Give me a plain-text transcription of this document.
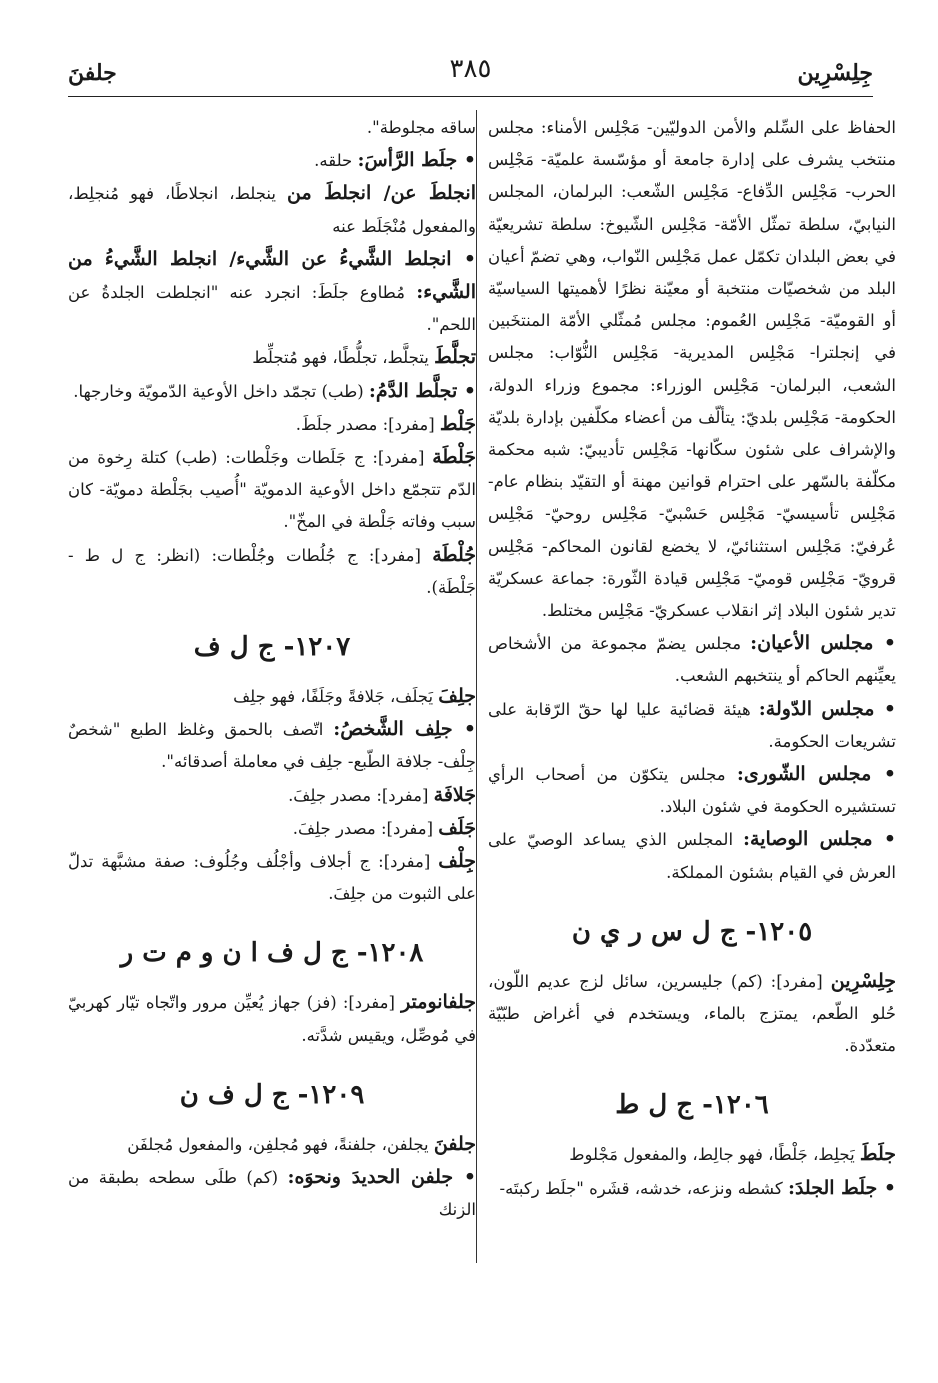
جِلِسْرِين
٣٨٥
جلفنَ

الحفاظ على السِّلم والأمن الدوليّين- مَجْلِس الأمناء: مجلس منتخب يشرف على إدارة جامعة أو مؤسّسة علميّة- مَجْلِس الحرب- مَجْلِس الدِّفاع- مَجْلِس الشّعب: البرلمان، المجلس النيابيّ، سلطة تمثّل الأمّة- مَجْلِس الشّيوخ: سلطة تشريعيّة في بعض البلدان تكمّل عمل مَجْلِس النّواب، وهي تضمّ أعيان البلد من شخصيّات منتخبة أو معيّنة نظرًا لأهميتها السياسيّة أو القوميّة- مَجْلِس العُموم: مجلس مُمثّلي الأمّة المنتخَبين في إنجلترا- مَجْلِس المديرية- مَجْلِس النُّوّاب: مجلس الشعب، البرلمان- مَجْلِس الوزراء: مجموع وزراء الدولة، الحكومة- مَجْلِس بلديّ: يتألّف من أعضاء مكلّفين بإدارة بلديّة والإشراف على شئون سكّانها- مَجْلِس تأديبيّ: شبه محكمة مكلّفة بالسّهر على احترام قوانين مهنة أو التقيّد بنظام عام- مَجْلِس تأسيسيّ- مَجْلِس حَسْبيّ- مَجْلِس روحيّ- مَجْلِس عُرفيّ: مَجْلِس استثنائيّ، لا يخضع لقانون المحاكم- مَجْلِس قرويّ- مَجْلِس قوميّ- مَجْلِس قيادة الثّورة: جماعة عسكريّة تدير شئون البلاد إثر انقلاب عسكريّ- مَجْلِس مختلط.

• مجلس الأعيان: مجلس يضمّ مجموعة من الأشخاص يعيِّنهم الحاكم أو ينتخبهم الشعب.

• مجلس الدّولة: هيئة قضائية عليا لها حقّ الرّقابة على تشريعات الحكومة.

• مجلس الشّورى: مجلس يتكوّن من أصحاب الرأي تستشيره الحكومة في شئون البلاد.

• مجلس الوصاية: المجلس الذي يساعد الوصيّ على العرش في القيام بشئون المملكة.

١٢٠٥- ج ل س ر ي ن

جِلِسْرِين [مفرد]: (كم) جليسرين، سائل لزج عديم اللّون، حُلو الطّعم، يمتزج بالماء، ويستخدم في أغراض طبّيّة متعدّدة.

١٢٠٦- ج ل ط

جلَطَ يَجلِط، جَلْطًا، فهو جالِط، والمفعول مَجْلوط

• جلَط الجلدَ: كشطه ونزعه، خدشه، قشَره "جلَط ركبتَه-

ساقه مجلوطة".

• جلَط الرَّأسَ: حلقه.

انجلطَ عن/ انجلطَ من ينجلط، انجلاطًا، فهو مُنجلِط، والمفعول مُنْجَلَط عنه

• انجلط الشَّيءُ عن الشَّيء/ انجلط الشَّيءُ من الشَّيء: مُطاوع جلَطَ: انجرد عنه "انجلطت الجلدةُ عن اللحم".

تجلَّطَ يتجلَّط، تجلُّطًا، فهو مُتجلِّط

• تجلَّط الدَّمُ: (طب) تجمّد داخل الأوعية الدّمويّة وخارجها.

جَلْط [مفرد]: مصدر جلَطَ.

جَلْطَة [مفرد]: ج جَلَطات وجَلْطات: (طب) كتلة رِخوة من الدّم تتجمّع داخل الأوعية الدمويّة "أُصيب بجَلْطة دمويّة- كان سبب وفاته جَلْطة في المخّ".

جُلْطَة [مفرد]: ج جُلُطات وجُلْطات: (انظر: ج ل ط - جَلْطَة).

١٢٠٧- ج ل ف

جلِفَ يَجلَف، جَلافةً وجَلَفًا، فهو جلِف

• جلِف الشَّخصُ: اتّصف بالحمق وغلظ الطبع "شخصٌ جِلْف- جلافة الطّبع- جلِف في معاملة أصدقائه".

جَلافَة [مفرد]: مصدر جلِفَ.

جَلَف [مفرد]: مصدر جلِفَ.

جِلْف [مفرد]: ج أجلاف وأجْلُف وجُلُوف: صفة مشبَّهة تدلّ على الثبوت من جلِفَ.

١٢٠٨- ج ل ف ا ن و م ت ر

جلفانومتر [مفرد]: (فز) جهاز يُعيِّن مرور واتّجاه تيّار كهربيّ في مُوصِّل، ويقيس شدَّته.

١٢٠٩- ج ل ف ن

جلفنَ يجلفن، جلفنةً، فهو مُجلفِن، والمفعول مُجلفَن

• جلفن الحديدَ ونحوَه: (كم) طلَى سطحه بطبقة من الزنك
